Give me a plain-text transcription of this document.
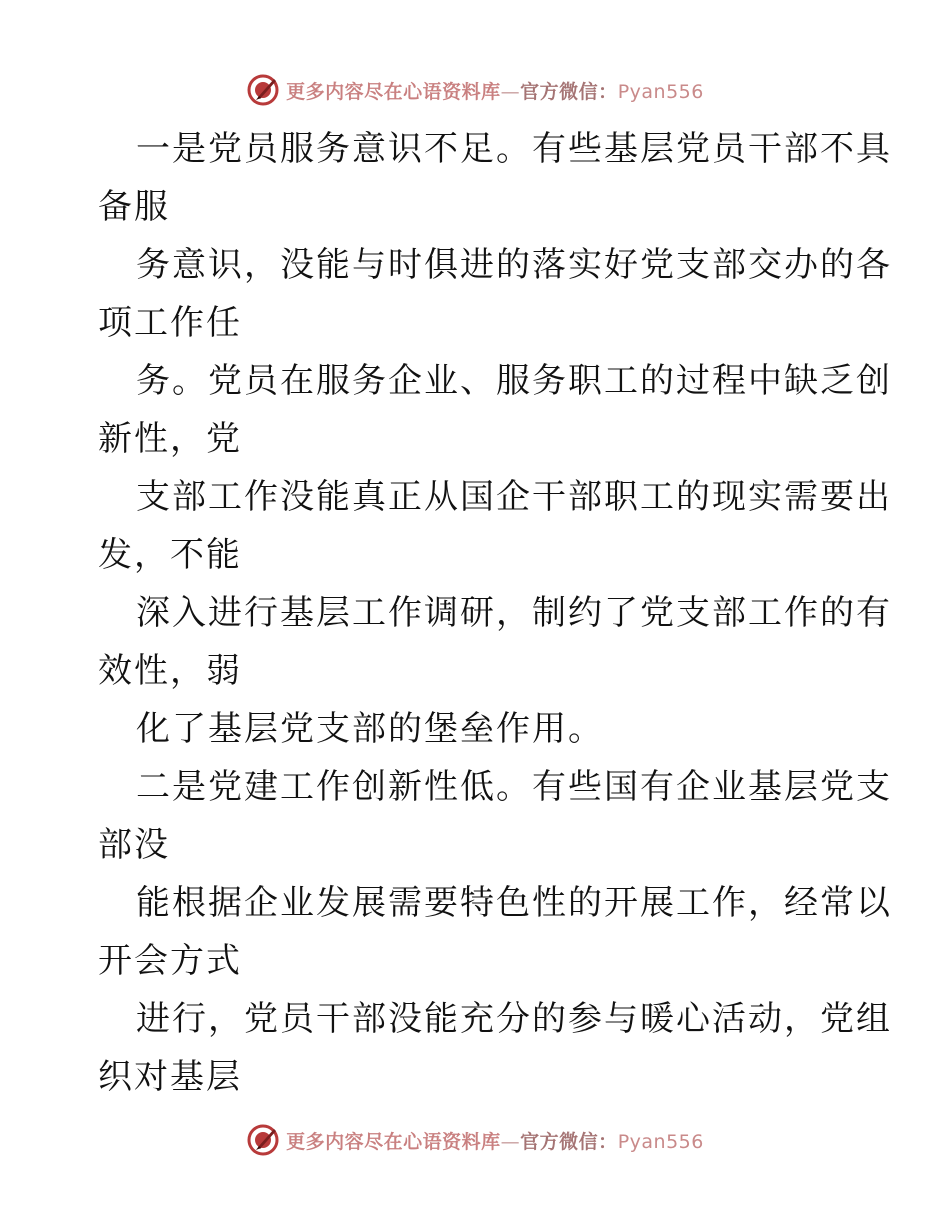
更多内容尽在心语资料库—官方微信：Pyan556
一是党员服务意识不足。有些基层党员干部不具
备服
务意识，没能与时俱进的落实好党支部交办的各
项工作任
务。党员在服务企业、服务职工的过程中缺乏创
新性，党
支部工作没能真正从国企干部职工的现实需要出
发，不能
深入进行基层工作调研，制约了党支部工作的有
效性，弱
化了基层党支部的堡垒作用。
二是党建工作创新性低。有些国有企业基层党支
部没
能根据企业发展需要特色性的开展工作，经常以
开会方式
进行，党员干部没能充分的参与暖心活动，党组
织对基层
更多内容尽在心语资料库—官方微信：Pyan556
